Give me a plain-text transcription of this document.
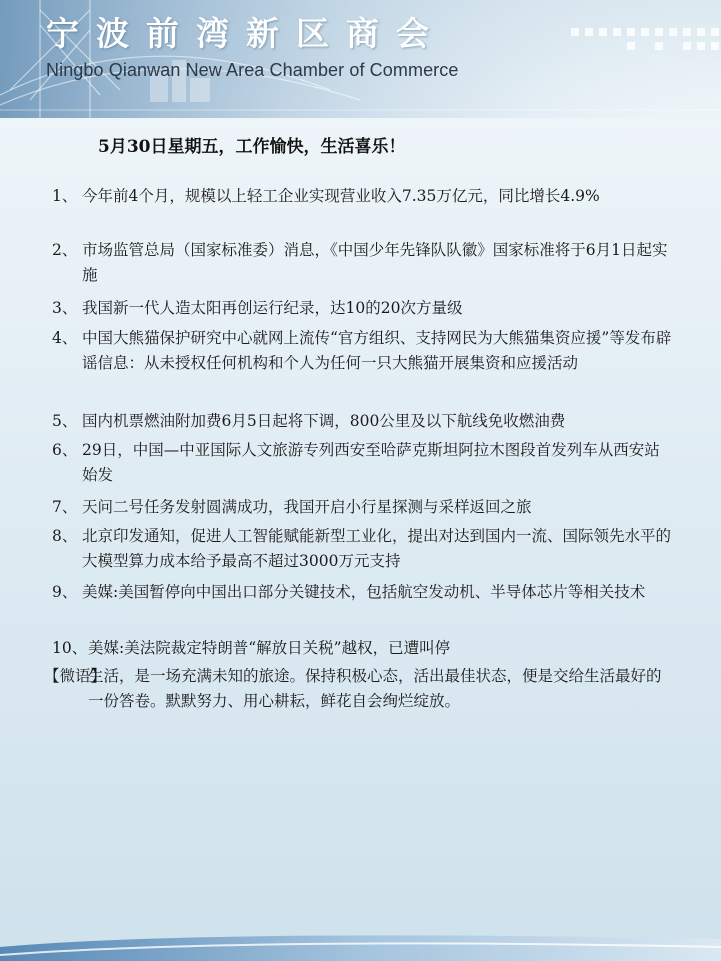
宁波前湾新区商会
Ningbo Qianwan New Area Chamber of Commerce
5月30日星期五，工作愉快，生活喜乐！
1、 今年前4个月，规模以上轻工企业实现营业收入7.35万亿元，同比增长4.9%
2、 市场监管总局（国家标准委）消息，《中国少年先锋队队徽》国家标准将于6月1日起实施
3、 我国新一代人造太阳再创运行纪录，达10的20次方量级
4、 中国大熊猫保护研究中心就网上流传“官方组织、支持网民为大熊猫集资应援”等发布辟谣信息：从未授权任何机构和个人为任何一只大熊猫开展集资和应援活动
5、 国内机票燃油附加费6月5日起将下调，800公里及以下航线免收燃油费
6、 29日，中国—中亚国际人文旅游专列西安至哈萨克斯坦阿拉木图段首发列车从西安站始发
7、 天问二号任务发射圆满成功，我国开启小行星探测与采样返回之旅
8、 北京印发通知，促进人工智能赋能新型工业化，提出对达到国内一流、国际领先水平的大模型算力成本给予最高不超过3000万元支持
9、 美媒:美国暂停向中国出口部分关键技术，包括航空发动机、半导体芯片等相关技术
10、 美媒:美法院裁定特朗普“解放日关税”越权，已遭叫停
【微语】
生活，是一场充满未知的旅途。保持积极心态，活出最佳状态，便是交给生活最好的一份答卷。默默努力、用心耕耘，鲜花自会绚烂绽放。
